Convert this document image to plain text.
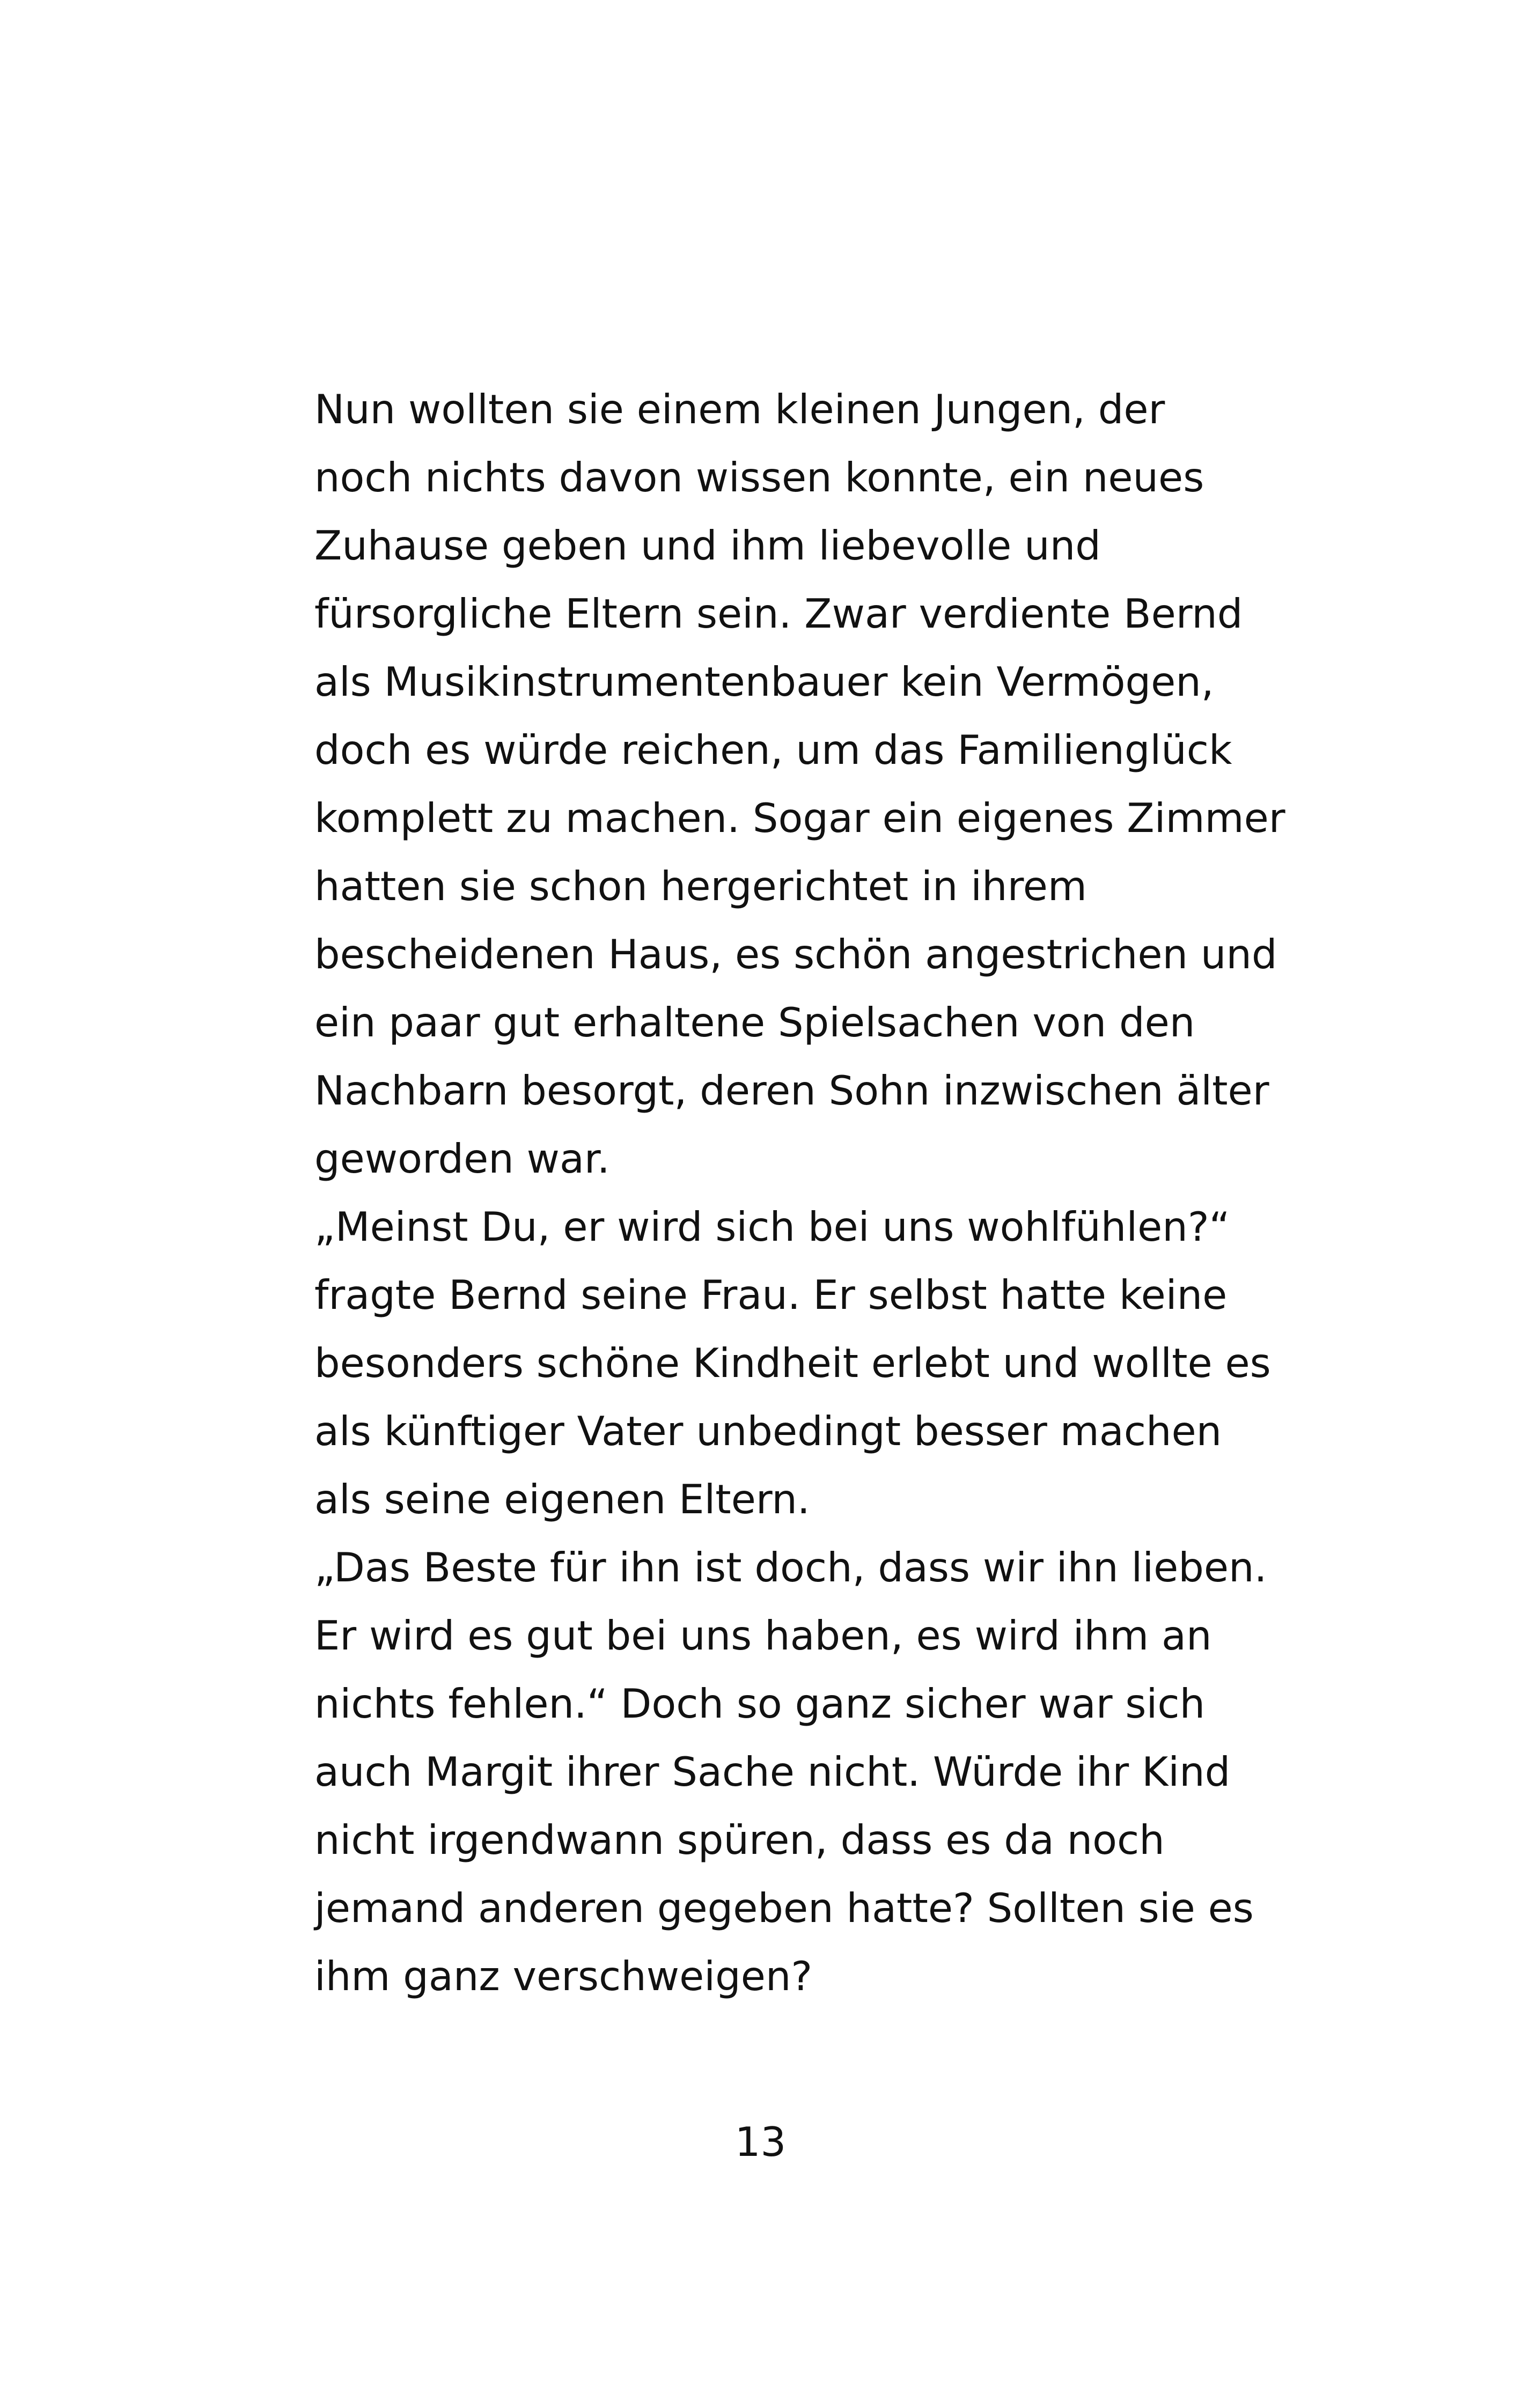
Nun wollten sie einem kleinen Jungen, der
noch nichts davon wissen konnte, ein neues
Zuhause geben und ihm liebevolle und
fürsorgliche Eltern sein. Zwar verdiente Bernd
als Musikinstrumentenbauer kein Vermögen,
doch es würde reichen, um das Familienglück
komplett zu machen. Sogar ein eigenes Zimmer
hatten sie schon hergerichtet in ihrem
bescheidenen Haus, es schön angestrichen und
ein paar gut erhaltene Spielsachen von den
Nachbarn besorgt, deren Sohn inzwischen älter
geworden war.
„Meinst Du, er wird sich bei uns wohlfühlen?“
fragte Bernd seine Frau. Er selbst hatte keine
besonders schöne Kindheit erlebt und wollte es
als künftiger Vater unbedingt besser machen
als seine eigenen Eltern.
„Das Beste für ihn ist doch, dass wir ihn lieben.
Er wird es gut bei uns haben, es wird ihm an
nichts fehlen.“ Doch so ganz sicher war sich
auch Margit ihrer Sache nicht. Würde ihr Kind
nicht irgendwann spüren, dass es da noch
jemand anderen gegeben hatte? Sollten sie es
ihm ganz verschweigen?
13
